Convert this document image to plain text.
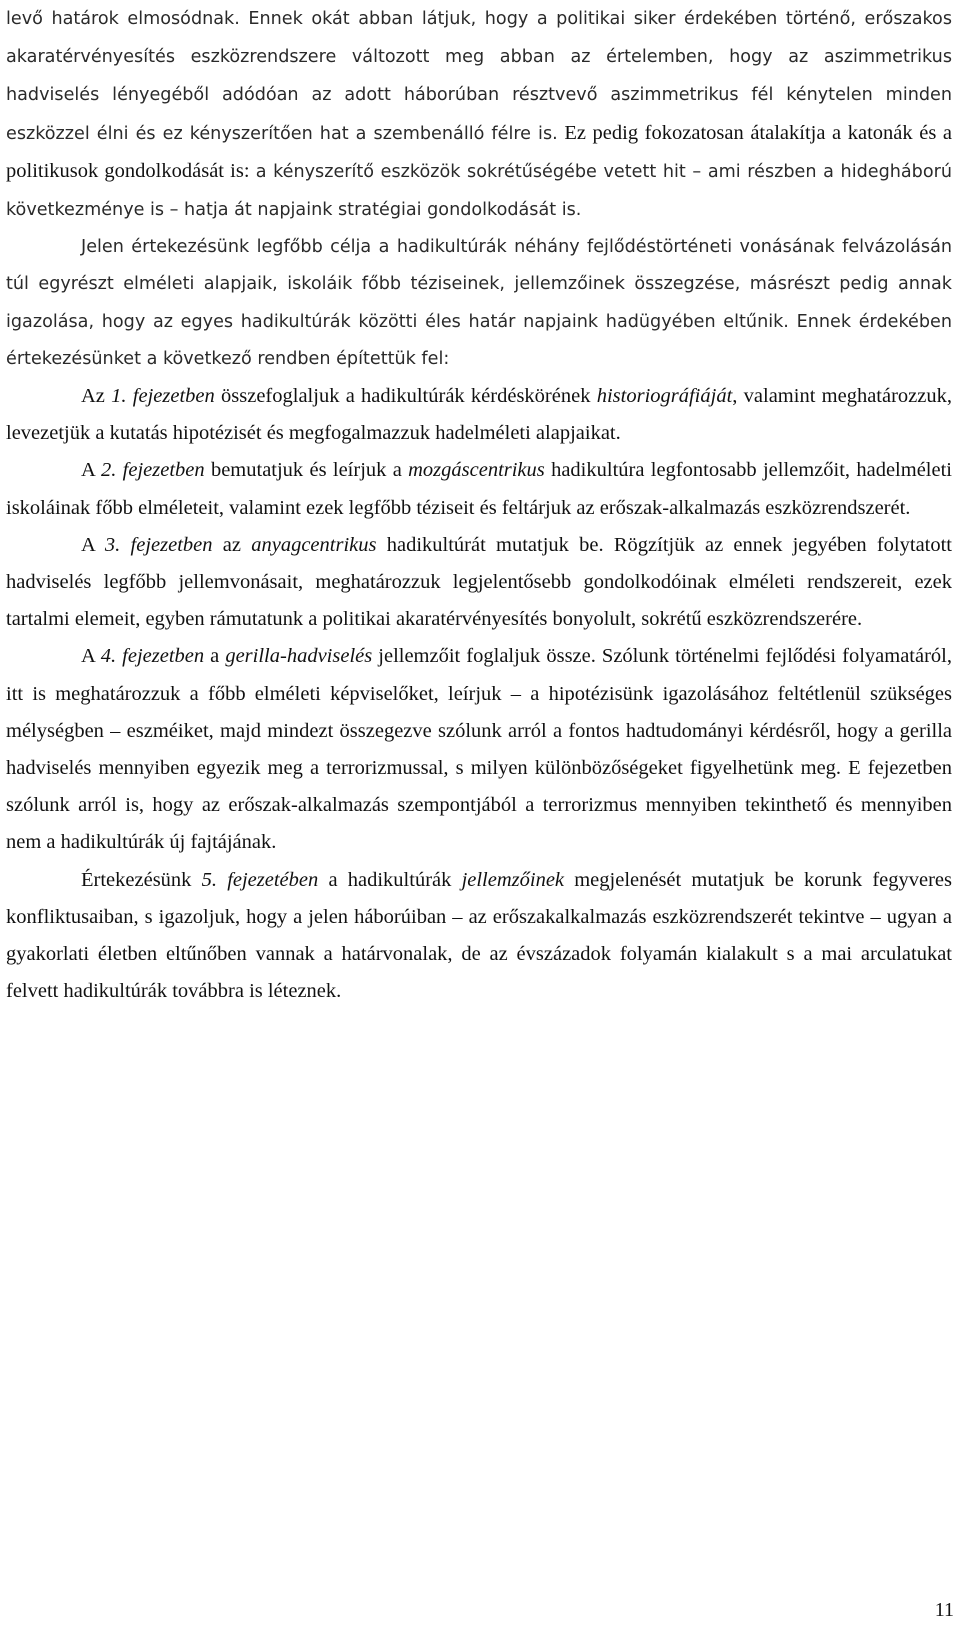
levő határok elmosódnak. Ennek okát abban látjuk, hogy a politikai siker érdekében történő, erőszakos akaratérvényesítés eszközrendszere változott meg abban az értelemben, hogy az aszimmetrikus hadviselés lényegéből adódóan az adott háborúban résztvevő aszimmetrikus fél kénytelen minden eszközzel élni és ez kényszerítően hat a szembenálló félre is. Ez pedig fokozatosan átalakítja a katonák és a politikusok gondolkodását is: a kényszerítő eszközök sokrétűségébe vetett hit – ami részben a hidegháború következménye is – hatja át napjaink stratégiai gondolkodását is.

Jelen értekezésünk legfőbb célja a hadikultúrák néhány fejlődéstörténeti vonásának felvázolásán túl egyrészt elméleti alapjaik, iskoláik főbb téziseinek, jellemzőinek összegzése, másrészt pedig annak igazolása, hogy az egyes hadikultúrák közötti éles határ napjaink hadügyében eltűnik. Ennek érdekében értekezésünket a következő rendben építettük fel:

Az 1. fejezetben összefoglaljuk a hadikultúrák kérdéskörének historiográfiáját, valamint meghatározzuk, levezetjük a kutatás hipotézisét és megfogalmazzuk hadelméleti alapjaikat.

A 2. fejezetben bemutatjuk és leírjuk a mozgáscentrikus hadikultúra legfontosabb jellemzőit, hadelméleti iskoláinak főbb elméleteit, valamint ezek legfőbb téziseit és feltárjuk az erőszak-alkalmazás eszközrendszerét.

A 3. fejezetben az anyagcentrikus hadikultúrát mutatjuk be. Rögzítjük az ennek jegyében folytatott hadviselés legfőbb jellemvonásait, meghatározzuk legjelentősebb gondolkodóinak elméleti rendszereit, ezek tartalmi elemeit, egyben rámutatunk a politikai akaratérvényesítés bonyolult, sokrétű eszközrendszerére.

A 4. fejezetben a gerilla-hadviselés jellemzőit foglaljuk össze. Szólunk történelmi fejlődési folyamatáról, itt is meghatározzuk a főbb elméleti képviselőket, leírjuk – a hipotézisünk igazolásához feltétlenül szükséges mélységben – eszméiket, majd mindezt összegezve szólunk arról a fontos hadtudományi kérdésről, hogy a gerilla hadviselés mennyiben egyezik meg a terrorizmussal, s milyen különbözőségeket figyelhetünk meg. E fejezetben szólunk arról is, hogy az erőszak-alkalmazás szempontjából a terrorizmus mennyiben tekinthető és mennyiben nem a hadikultúrák új fajtájának.

Értekezésünk 5. fejezetében a hadikultúrák jellemzőinek megjelenését mutatjuk be korunk fegyveres konfliktusaiban, s igazoljuk, hogy a jelen háborúiban – az erőszakalkalmazás eszközrendszerét tekintve – ugyan a gyakorlati életben eltűnőben vannak a határvonalak, de az évszázadok folyamán kialakult s a mai arculatukat felvett hadikultúrák továbbra is léteznek.

11
